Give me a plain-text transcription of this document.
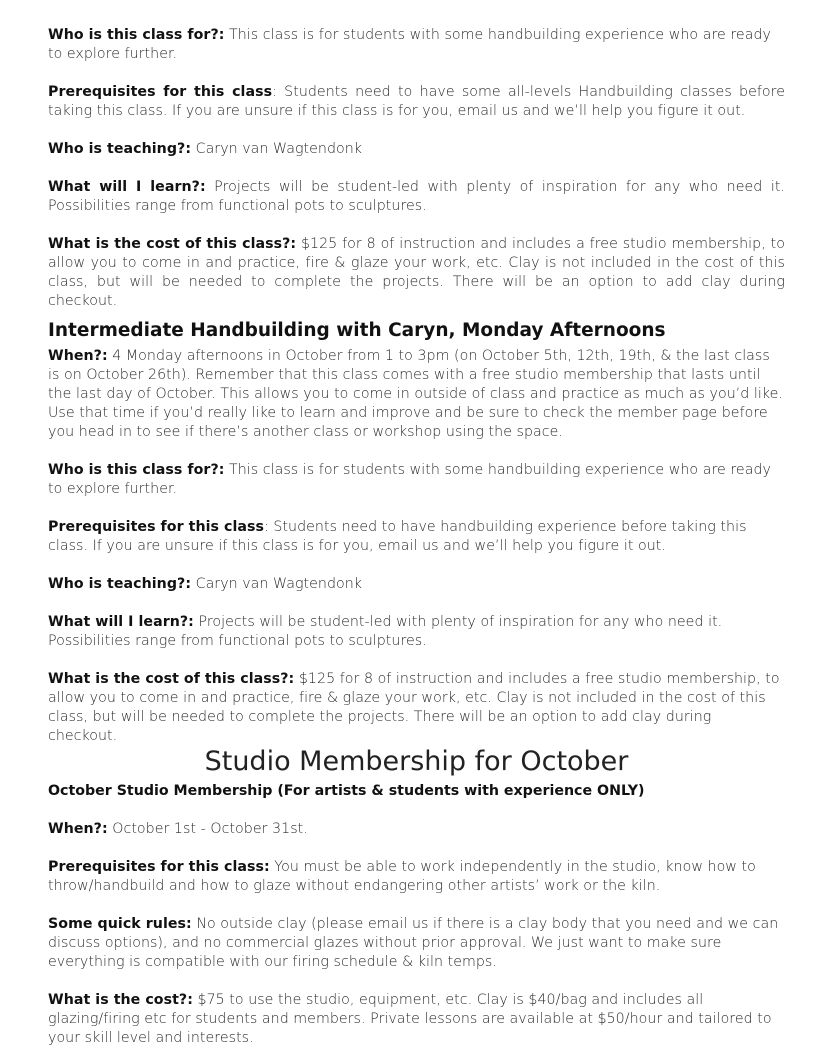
Who is this class for?: This class is for students with some handbuilding experience who are ready to explore further.

Prerequisites for this class: Students need to have some all-levels Handbuilding classes before taking this class. If you are unsure if this class is for you, email us and we’ll help you figure it out.

Who is teaching?: Caryn van Wagtendonk

What will I learn?: Projects will be student-led with plenty of inspiration for any who need it. Possibilities range from functional pots to sculptures.

What is the cost of this class?: $125 for 8 of instruction and includes a free studio membership, to allow you to come in and practice, fire & glaze your work, etc. Clay is not included in the cost of this class, but will be needed to complete the projects. There will be an option to add clay during checkout.

Intermediate Handbuilding with Caryn, Monday Afternoons

When?: 4 Monday afternoons in October from 1 to 3pm (on October 5th, 12th, 19th, & the last class is on October 26th). Remember that this class comes with a free studio membership that lasts until the last day of October. This allows you to come in outside of class and practice as much as you’d like. Use that time if you’d really like to learn and improve and be sure to check the member page before you head in to see if there’s another class or workshop using the space.

Who is this class for?: This class is for students with some handbuilding experience who are ready to explore further.

Prerequisites for this class: Students need to have handbuilding experience before taking this class. If you are unsure if this class is for you, email us and we’ll help you figure it out.

Who is teaching?: Caryn van Wagtendonk

What will I learn?: Projects will be student-led with plenty of inspiration for any who need it. Possibilities range from functional pots to sculptures.

What is the cost of this class?: $125 for 8 of instruction and includes a free studio membership, to allow you to come in and practice, fire & glaze your work, etc. Clay is not included in the cost of this class, but will be needed to complete the projects. There will be an option to add clay during checkout.

Studio Membership for October

October Studio Membership (For artists & students with experience ONLY)

When?: October 1st - October 31st.

Prerequisites for this class: You must be able to work independently in the studio, know how to throw/handbuild and how to glaze without endangering other artists’ work or the kiln.

Some quick rules: No outside clay (please email us if there is a clay body that you need and we can discuss options), and no commercial glazes without prior approval. We just want to make sure everything is compatible with our firing schedule & kiln temps.

What is the cost?: $75 to use the studio, equipment, etc. Clay is $40/bag and includes all glazing/firing etc for students and members. Private lessons are available at $50/hour and tailored to your skill level and interests.
